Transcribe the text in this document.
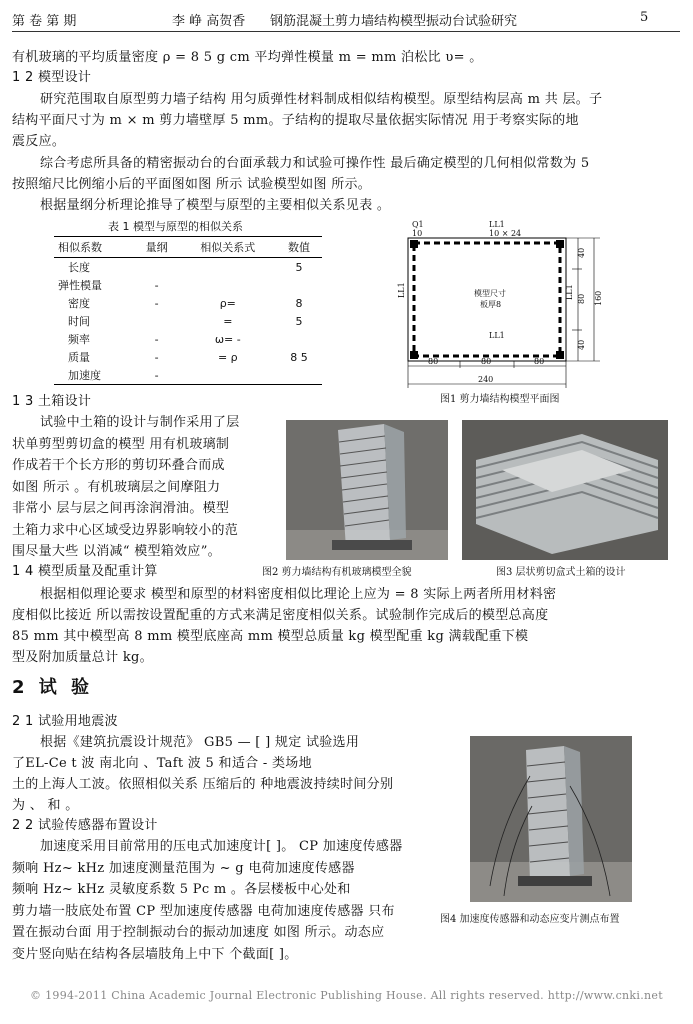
第 卷 第 期	李 峥 高贺香 钢筋混凝土剪力墙结构模型振动台试验研究	5
有机玻璃的平均质量密度 ρ = 8 5 g cm 平均弹性模量 m = mm 泊松比 υ= 。
1 2 模型设计
研究范围取自原型剪力墙子结构 用匀质弹性材料制成相似结构模型。原型结构层高 m 共 层。子
结构平面尺寸为 m × m 剪力墙壁厚 5 mm。子结构的提取尽量依据实际情况 用于考察实际的地
震反应。
综合考虑所具备的精密振动台的台面承载力和试验可操作性 最后确定模型的几何相似常数为 5
按照缩尺比例缩小后的平面图如图 所示 试验模型如图 所示。
根据量纲分析理论推导了模型与原型的主要相似关系见表 。
表 1 模型与原型的相似关系
相似系数	量纲	相似关系式	数值
长度			5
弹性模量	-		
密度	-	ρ=	8
时间		=	5
频率	-	ω= -	
质量	-	= ρ	8 5
加速度	-		
Q1
10
LL1
10 × 24
LL1
LL1	LL1
模型尺寸
板厚8
80	80	80
240
40
80
40
160
图1 剪力墙结构模型平面图
1 3 土箱设计
试验中土箱的设计与制作采用了层
状单剪型剪切盒的模型 用有机玻璃制
作成若干个长方形的剪切环叠合而成
如图 所示 。有机玻璃层之间摩阻力
非常小 层与层之间再涂润滑油。模型
土箱力求中心区域受边界影响较小的范
围尽量大些 以消减“ 模型箱效应”。
图2 剪力墙结构有机玻璃模型全貌	图3 层状剪切盒式土箱的设计
1 4 模型质量及配重计算
根据相似理论要求 模型和原型的材料密度相似比理论上应为 = 8 实际上两者所用材料密
度相似比接近 所以需按设置配重的方式来满足密度相似关系。试验制作完成后的模型总高度
85 mm 其中模型高 8 mm 模型底座高 mm 模型总质量 kg 模型配重 kg 满载配重下模
型及附加质量总计 kg。
2 试 验
2 1 试验用地震波
根据《建筑抗震设计规范》 GB5 — [ ] 规定 试验选用
了EL-Ce t 波 南北向 、Taft 波 5 和适合 - 类场地
土的上海人工波。依照相似关系 压缩后的 种地震波持续时间分别
为 、 和 。
2 2 试验传感器布置设计
加速度采用目前常用的压电式加速度计[ ]。 CP 加速度传感器
频响 Hz~ kHz 加速度测量范围为 ~ g 电荷加速度传感器
频响 Hz~ kHz 灵敏度系数 5 Pc m 。各层楼板中心处和
剪力墙一肢底处布置 CP 型加速度传感器 电荷加速度传感器 只布
置在振动台面 用于控制振动台的振动加速度 如图 所示。动态应
变片竖向贴在结构各层墙肢角上中下 个截面[ ]。
图4 加速度传感器和动态应变片测点布置
© 1994-2011 China Academic Journal Electronic Publishing House. All rights reserved. http://www.cnki.net
